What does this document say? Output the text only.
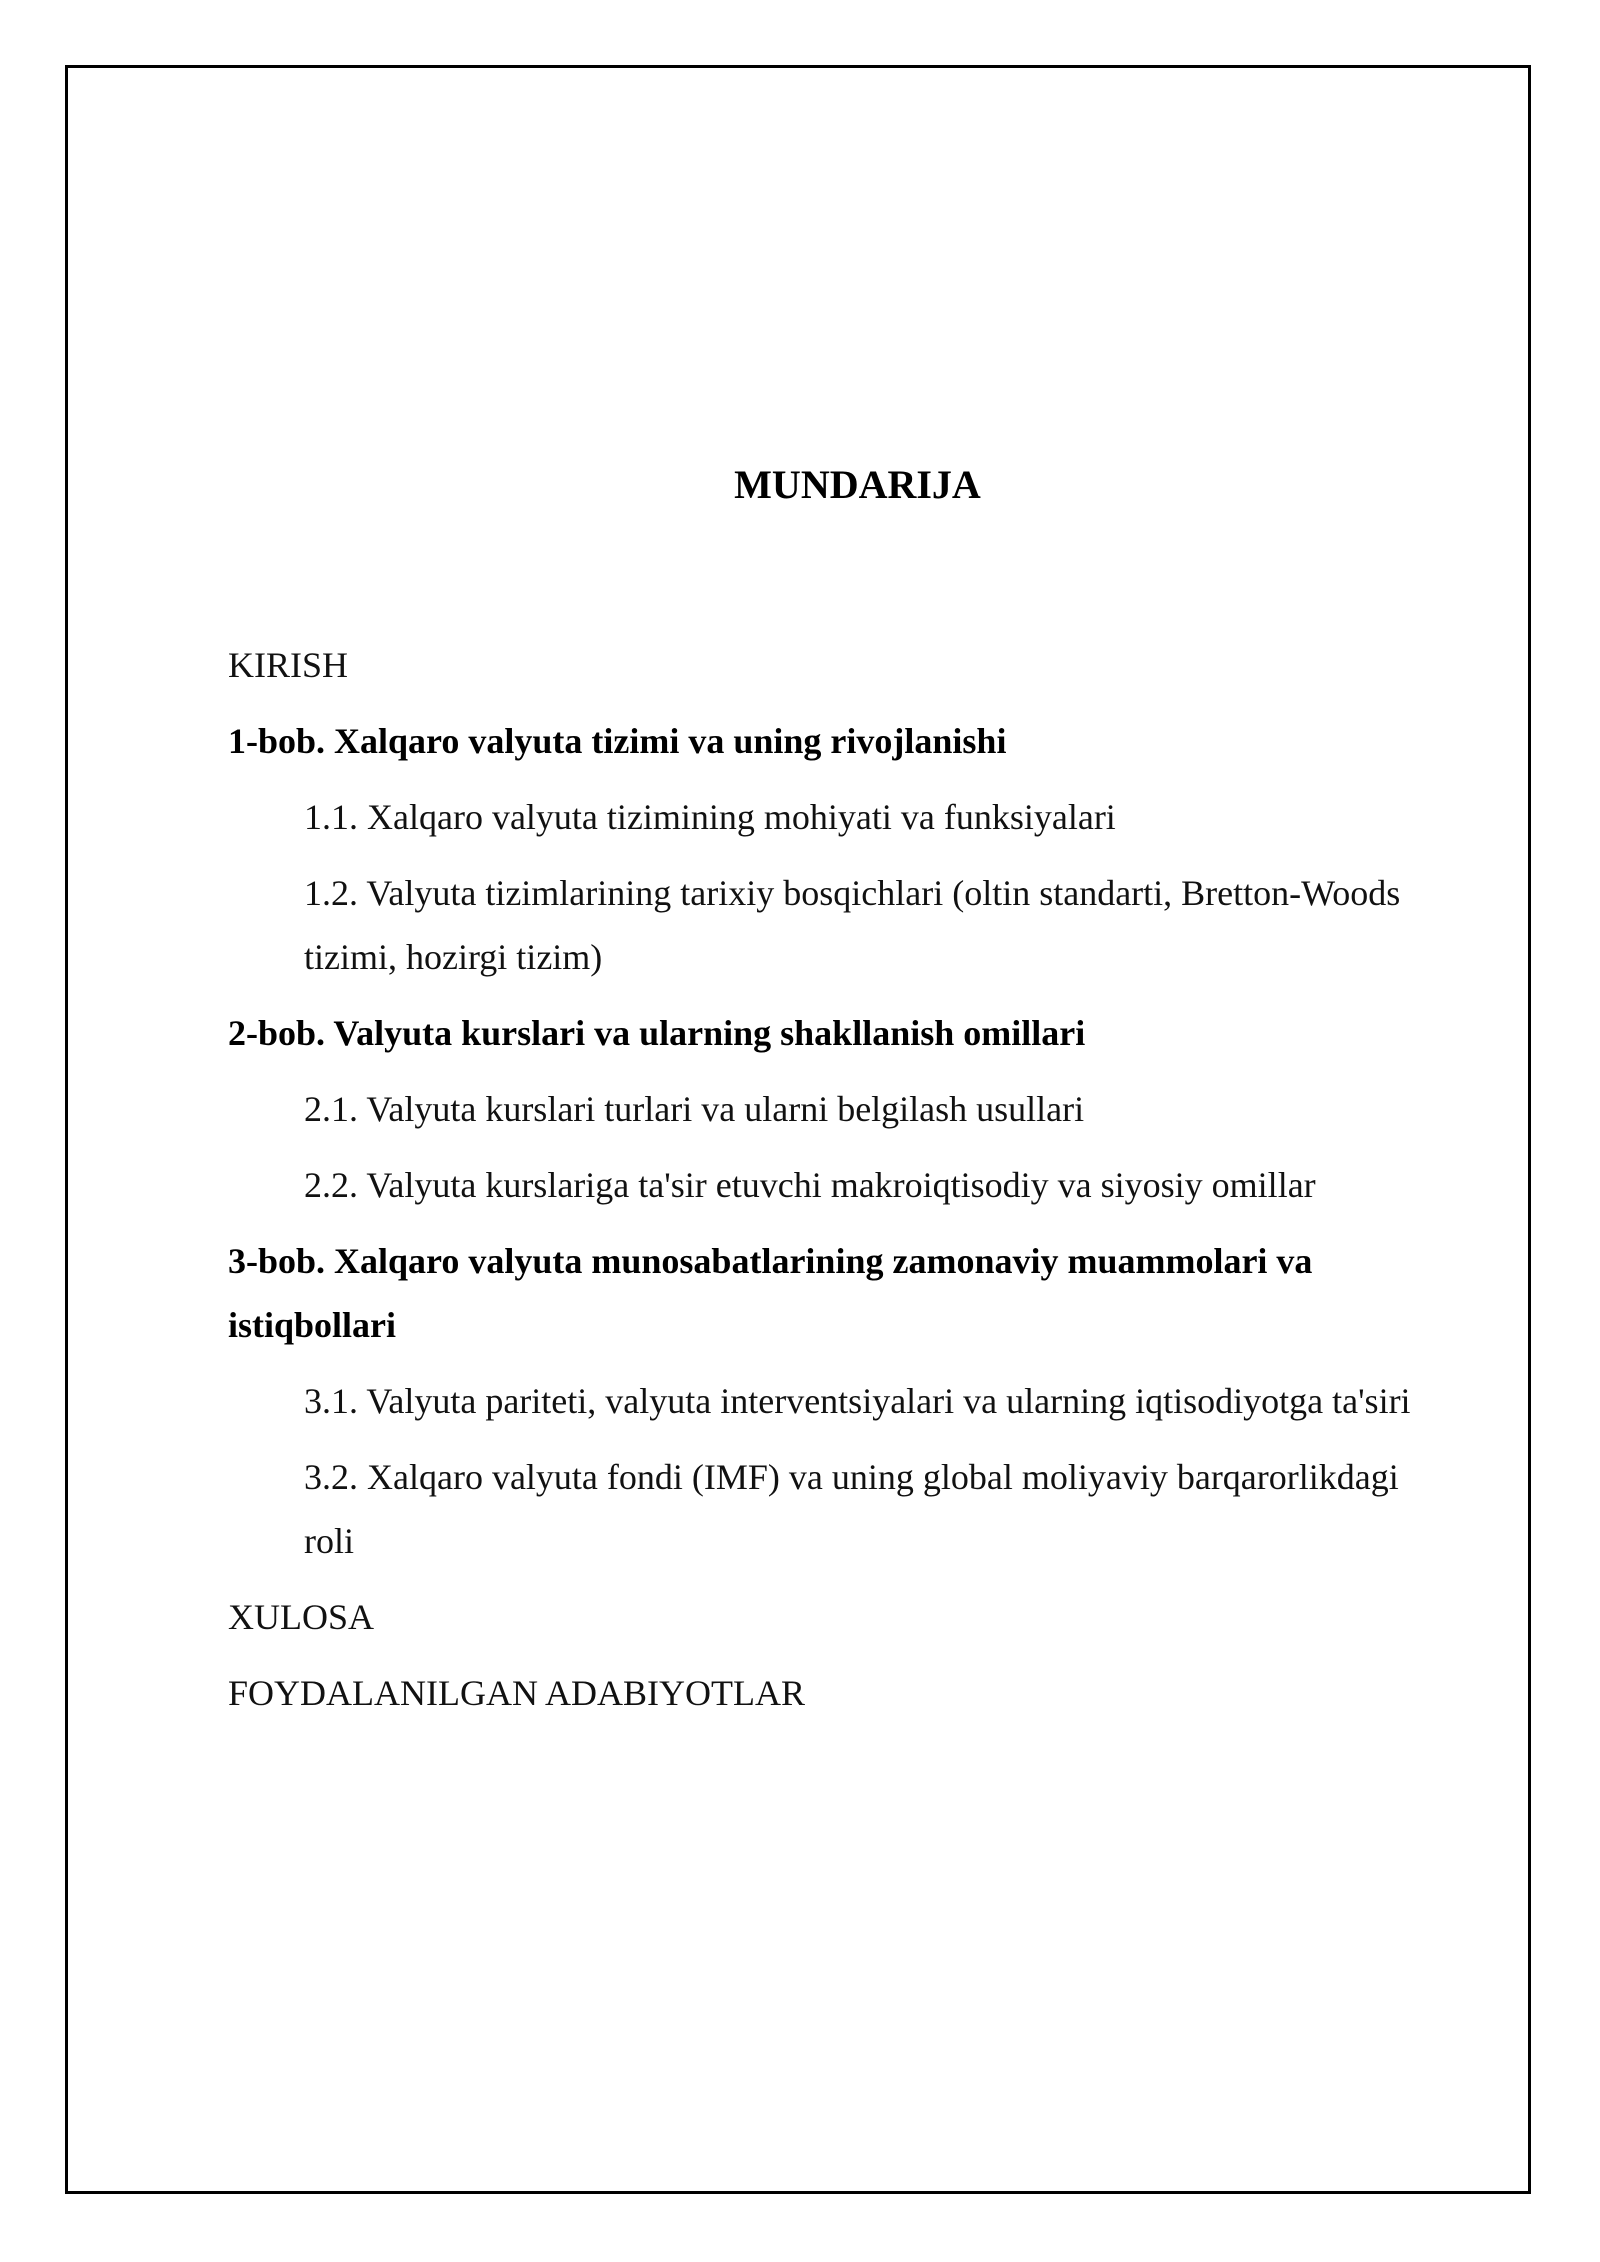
MUNDARIJA
KIRISH
1-bob. Xalqaro valyuta tizimi va uning rivojlanishi
1.1. Xalqaro valyuta tizimining mohiyati va funksiyalari
1.2. Valyuta tizimlarining tarixiy bosqichlari (oltin standarti, Bretton-Woods
tizimi, hozirgi tizim)
2-bob. Valyuta kurslari va ularning shakllanish omillari
2.1. Valyuta kurslari turlari va ularni belgilash usullari
2.2. Valyuta kurslariga ta'sir etuvchi makroiqtisodiy va siyosiy omillar
3-bob. Xalqaro valyuta munosabatlarining zamonaviy muammolari va
istiqbollari
3.1. Valyuta pariteti, valyuta interventsiyalari va ularning iqtisodiyotga ta'siri
3.2. Xalqaro valyuta fondi (IMF) va uning global moliyaviy barqarorlikdagi
roli
XULOSA
FOYDALANILGAN ADABIYOTLAR
